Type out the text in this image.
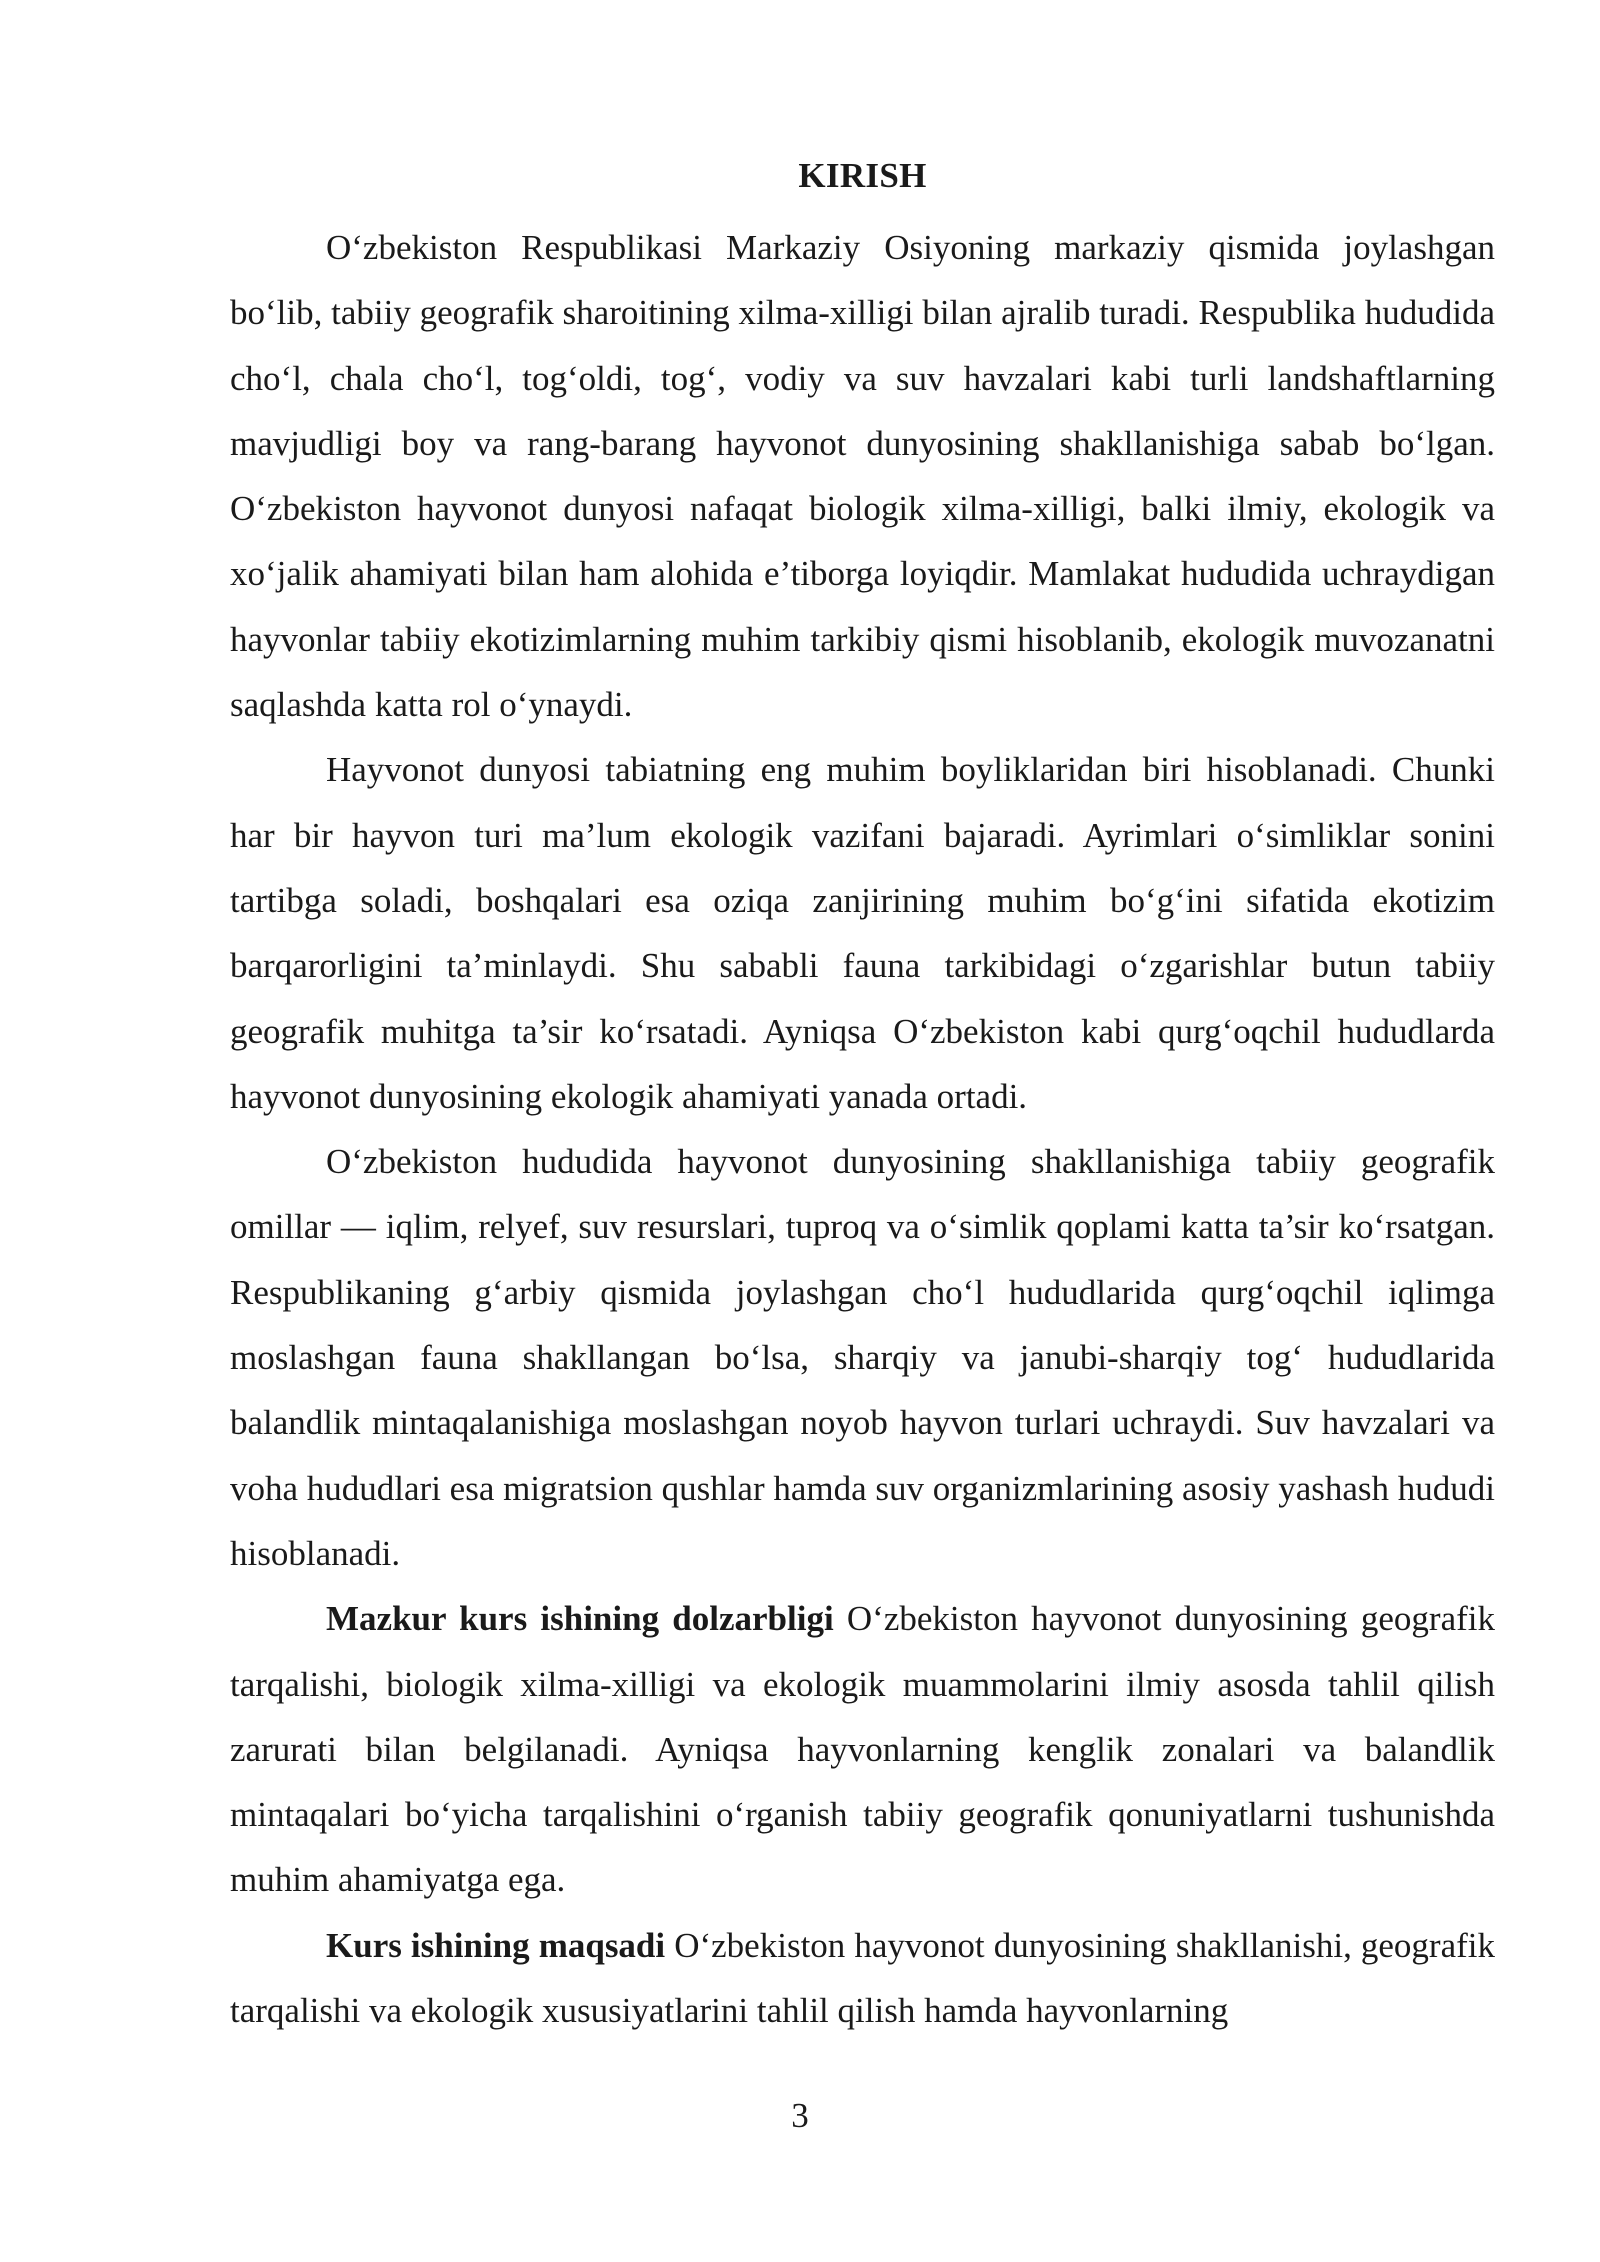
KIRISH

O‘zbekiston Respublikasi Markaziy Osiyoning markaziy qismida joylashgan bo‘lib, tabiiy geografik sharoitining xilma-xilligi bilan ajralib turadi. Respublika hududida cho‘l, chala cho‘l, tog‘oldi, tog‘, vodiy va suv havzalari kabi turli landshaftlarning mavjudligi boy va rang-barang hayvonot dunyosining shakllanishiga sabab bo‘lgan. O‘zbekiston hayvonot dunyosi nafaqat biologik xilma-xilligi, balki ilmiy, ekologik va xo‘jalik ahamiyati bilan ham alohida e’tiborga loyiqdir. Mamlakat hududida uchraydigan hayvonlar tabiiy ekotizimlarning muhim tarkibiy qismi hisoblanib, ekologik muvozanatni saqlashda katta rol o‘ynaydi.

Hayvonot dunyosi tabiatning eng muhim boyliklaridan biri hisoblanadi. Chunki har bir hayvon turi ma’lum ekologik vazifani bajaradi. Ayrimlari o‘simliklar sonini tartibga soladi, boshqalari esa oziqa zanjirining muhim bo‘g‘ini sifatida ekotizim barqarorligini ta’minlaydi. Shu sababli fauna tarkibidagi o‘zgarishlar butun tabiiy geografik muhitga ta’sir ko‘rsatadi. Ayniqsa O‘zbekiston kabi qurg‘oqchil hududlarda hayvonot dunyosining ekologik ahamiyati yanada ortadi.

O‘zbekiston hududida hayvonot dunyosining shakllanishiga tabiiy geografik omillar — iqlim, relyef, suv resurslari, tuproq va o‘simlik qoplami katta ta’sir ko‘rsatgan. Respublikaning g‘arbiy qismida joylashgan cho‘l hududlarida qurg‘oqchil iqlimga moslashgan fauna shakllangan bo‘lsa, sharqiy va janubi-sharqiy tog‘ hududlarida balandlik mintaqalanishiga moslashgan noyob hayvon turlari uchraydi. Suv havzalari va voha hududlari esa migratsion qushlar hamda suv organizmlarining asosiy yashash hududi hisoblanadi.

Mazkur kurs ishining dolzarbligi O‘zbekiston hayvonot dunyosining geografik tarqalishi, biologik xilma-xilligi va ekologik muammolarini ilmiy asosda tahlil qilish zarurati bilan belgilanadi. Ayniqsa hayvonlarning kenglik zonalari va balandlik mintaqalari bo‘yicha tarqalishini o‘rganish tabiiy geografik qonuniyatlarni tushunishda muhim ahamiyatga ega.

Kurs ishining maqsadi O‘zbekiston hayvonot dunyosining shakllanishi, geografik tarqalishi va ekologik xususiyatlarini tahlil qilish hamda hayvonlarning

3
